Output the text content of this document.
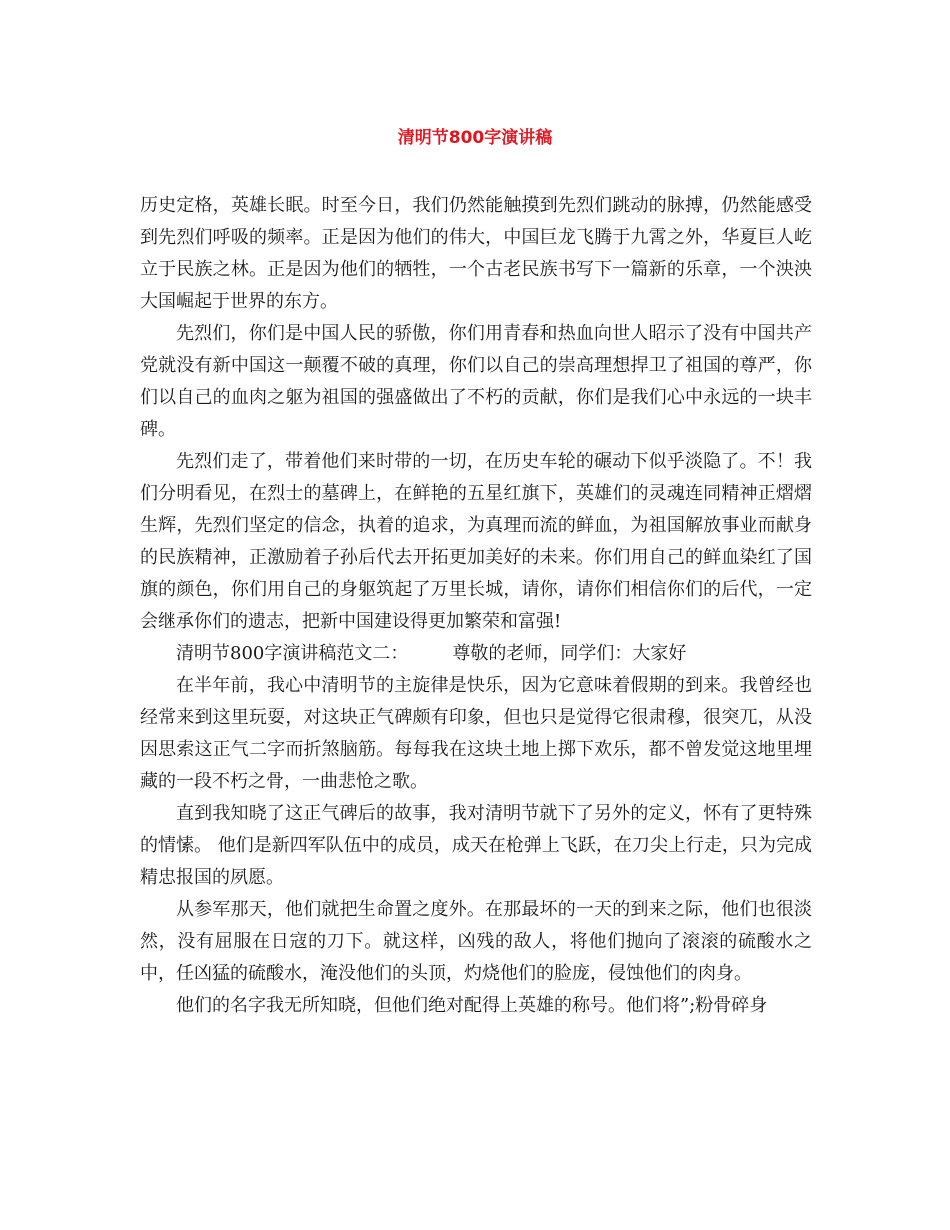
清明节800字演讲稿

历史定格，英雄长眠。时至今日，我们仍然能触摸到先烈们跳动的脉搏，仍然能感受到先烈们呼吸的频率。正是因为他们的伟大，中国巨龙飞腾于九霄之外，华夏巨人屹立于民族之林。正是因为他们的牺牲，一个古老民族书写下一篇新的乐章，一个泱泱大国崛起于世界的东方。

先烈们，你们是中国人民的骄傲，你们用青春和热血向世人昭示了没有中国共产党就没有新中国这一颠覆不破的真理，你们以自己的崇高理想捍卫了祖国的尊严，你们以自己的血肉之躯为祖国的强盛做出了不朽的贡献，你们是我们心中永远的一块丰碑。

先烈们走了，带着他们来时带的一切，在历史车轮的碾动下似乎淡隐了。不！我们分明看见，在烈士的墓碑上，在鲜艳的五星红旗下，英雄们的灵魂连同精神正熠熠生辉，先烈们坚定的信念，执着的追求，为真理而流的鲜血，为祖国解放事业而献身的民族精神，正激励着子孙后代去开拓更加美好的未来。你们用自己的鲜血染红了国旗的颜色，你们用自己的身躯筑起了万里长城，请你，请你们相信你们的后代，一定会继承你们的遗志，把新中国建设得更加繁荣和富强!

清明节800字演讲稿范文二： 尊敬的老师，同学们：大家好

在半年前，我心中清明节的主旋律是快乐，因为它意味着假期的到来。我曾经也经常来到这里玩耍，对这块正气碑颇有印象，但也只是觉得它很肃穆，很突兀，从没因思索这正气二字而折煞脑筋。每每我在这块土地上掷下欢乐，都不曾发觉这地里埋藏的一段不朽之骨，一曲悲怆之歌。

直到我知晓了这正气碑后的故事，我对清明节就下了另外的定义，怀有了更特殊的情愫。 他们是新四军队伍中的成员，成天在枪弹上飞跃，在刀尖上行走，只为完成精忠报国的夙愿。

从参军那天，他们就把生命置之度外。在那最坏的一天的到来之际，他们也很淡然，没有屈服在日寇的刀下。就这样，凶残的敌人，将他们抛向了滚滚的硫酸水之中，任凶猛的硫酸水，淹没他们的头顶，灼烧他们的脸庞，侵蚀他们的肉身。

他们的名字我无所知晓，但他们绝对配得上英雄的称号。他们将”;粉骨碎身
